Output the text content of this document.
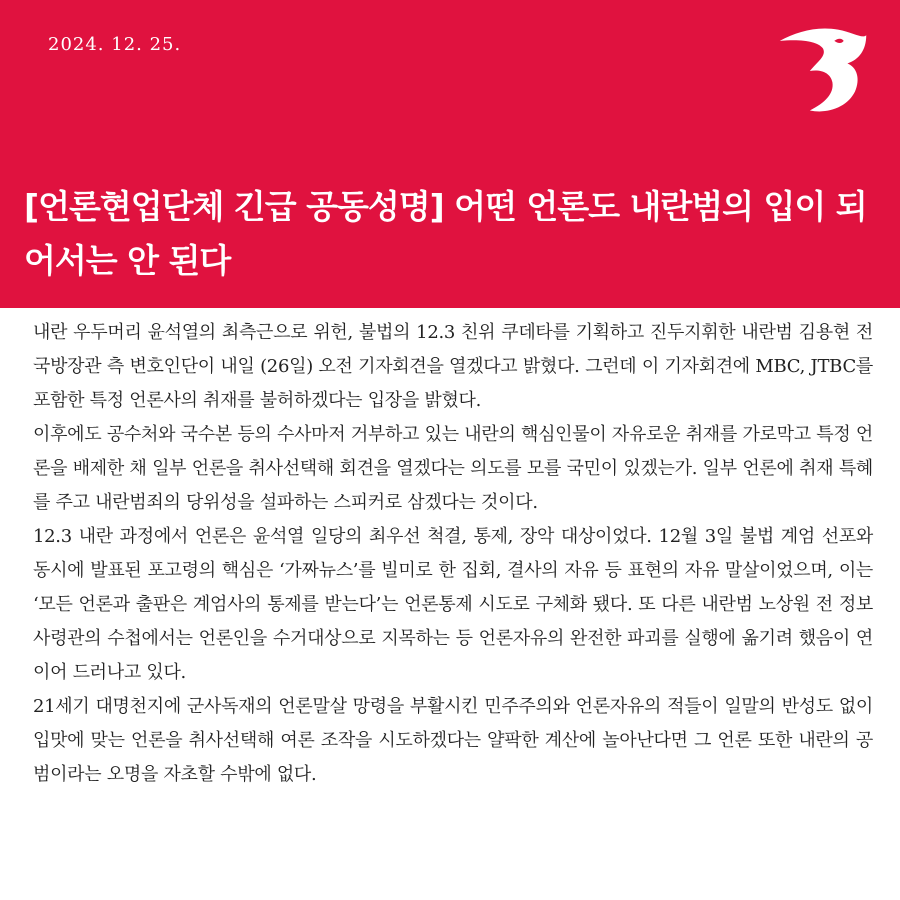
2024. 12. 25.
[언론현업단체 긴급 공동성명] 어떤 언론도 내란범의 입이 되어서는 안 된다

내란 우두머리 윤석열의 최측근으로 위헌, 불법의 12.3 친위 쿠데타를 기획하고 진두지휘한 내란범 김용현 전 국방장관 측 변호인단이 내일 (26일) 오전 기자회견을 열겠다고 밝혔다. 그런데 이 기자회견에 MBC, JTBC를 포함한 특정 언론사의 취재를 불허하겠다는 입장을 밝혔다.

이후에도 공수처와 국수본 등의 수사마저 거부하고 있는 내란의 핵심인물이 자유로운 취재를 가로막고 특정 언론을 배제한 채 일부 언론을 취사선택해 회견을 열겠다는 의도를 모를 국민이 있겠는가. 일부 언론에 취재 특혜를 주고 내란범죄의 당위성을 설파하는 스피커로 삼겠다는 것이다.

12.3 내란 과정에서 언론은 윤석열 일당의 최우선 척결, 통제, 장악 대상이었다. 12월 3일 불법 계엄 선포와 동시에 발표된 포고령의 핵심은 ‘가짜뉴스’를 빌미로 한 집회, 결사의 자유 등 표현의 자유 말살이었으며, 이는 ‘모든 언론과 출판은 계엄사의 통제를 받는다’는 언론통제 시도로 구체화 됐다. 또 다른 내란범 노상원 전 정보사령관의 수첩에서는 언론인을 수거대상으로 지목하는 등 언론자유의 완전한 파괴를 실행에 옮기려 했음이 연이어 드러나고 있다.

21세기 대명천지에 군사독재의 언론말살 망령을 부활시킨 민주주의와 언론자유의 적들이 일말의 반성도 없이 입맛에 맞는 언론을 취사선택해 여론 조작을 시도하겠다는 얄팍한 계산에 놀아난다면 그 언론 또한 내란의 공범이라는 오명을 자초할 수밖에 없다.
